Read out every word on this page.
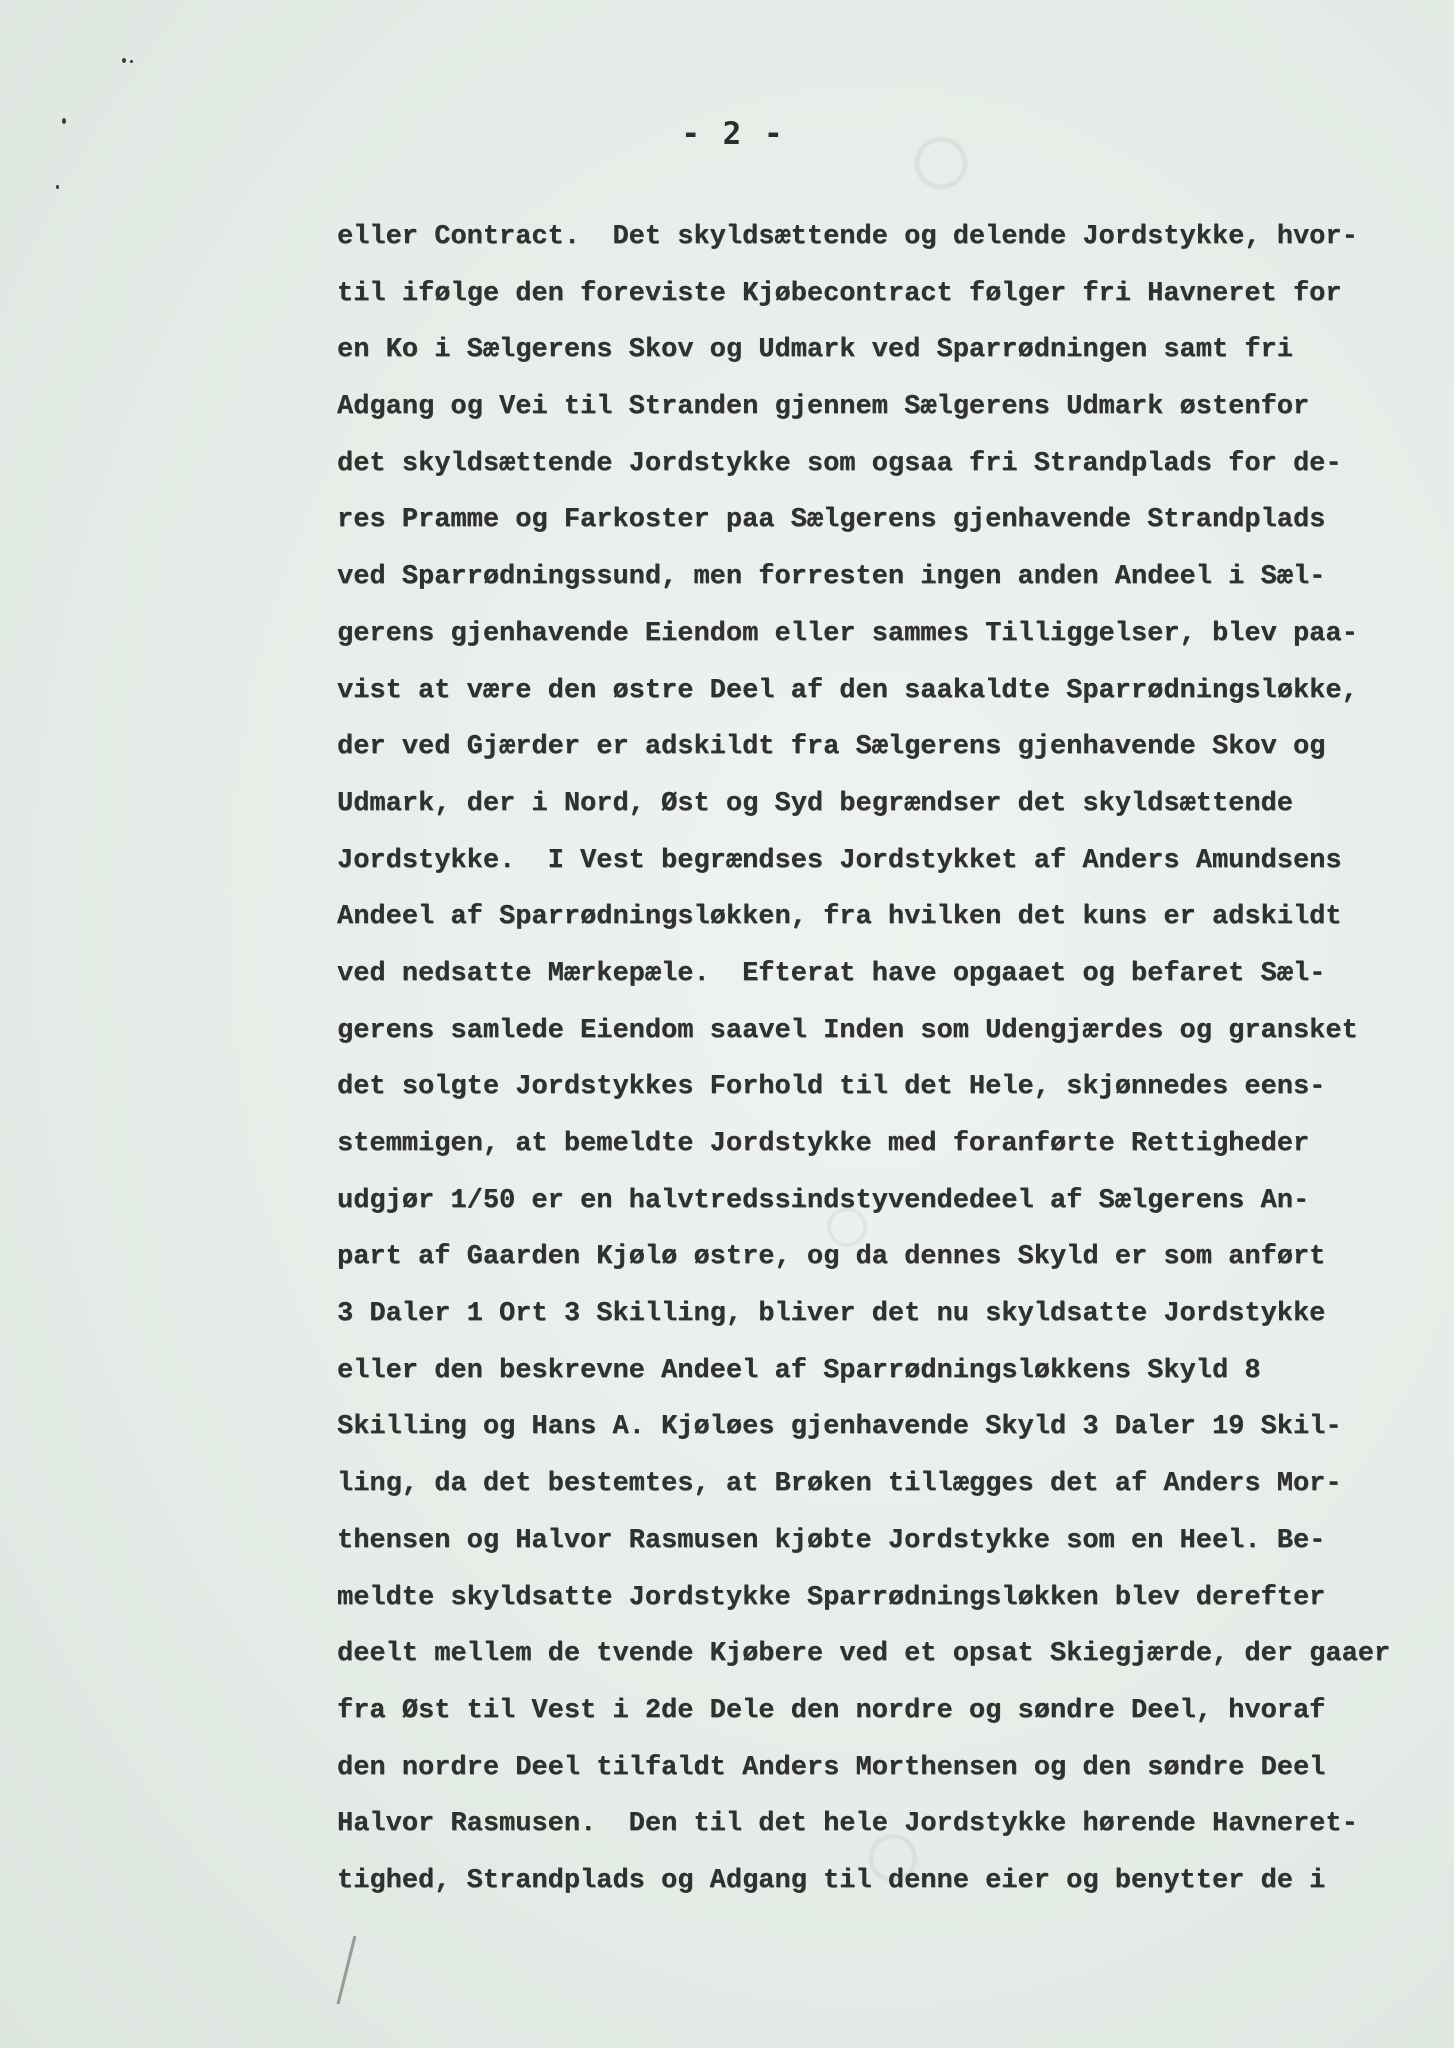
○
○
○
- 2 -
eller Contract.  Det skyldsættende og delende Jordstykke, hvor-
til ifølge den foreviste Kjøbecontract følger fri Havneret for
en Ko i Sælgerens Skov og Udmark ved Sparrødningen samt fri
Adgang og Vei til Stranden gjennem Sælgerens Udmark østenfor
det skyldsættende Jordstykke som ogsaa fri Strandplads for de-
res Pramme og Farkoster paa Sælgerens gjenhavende Strandplads
ved Sparrødningssund, men forresten ingen anden Andeel i Sæl-
gerens gjenhavende Eiendom eller sammes Tilliggelser, blev paa-
vist at være den østre Deel af den saakaldte Sparrødningsløkke,
der ved Gjærder er adskildt fra Sælgerens gjenhavende Skov og
Udmark, der i Nord, Øst og Syd begrændser det skyldsættende
Jordstykke.  I Vest begrændses Jordstykket af Anders Amundsens
Andeel af Sparrødningsløkken, fra hvilken det kuns er adskildt
ved nedsatte Mærkepæle.  Efterat have opgaaet og befaret Sæl-
gerens samlede Eiendom saavel Inden som Udengjærdes og gransket
det solgte Jordstykkes Forhold til det Hele, skjønnedes eens-
stemmigen, at bemeldte Jordstykke med foranførte Rettigheder
udgjør 1/50 er en halvtredssindstyvendedeel af Sælgerens An-
part af Gaarden Kjølø østre, og da dennes Skyld er som anført
3 Daler 1 Ort 3 Skilling, bliver det nu skyldsatte Jordstykke
eller den beskrevne Andeel af Sparrødningsløkkens Skyld 8
Skilling og Hans A. Kjøløes gjenhavende Skyld 3 Daler 19 Skil-
ling, da det bestemtes, at Brøken tillægges det af Anders Mor-
thensen og Halvor Rasmusen kjøbte Jordstykke som en Heel. Be-
meldte skyldsatte Jordstykke Sparrødningsløkken blev derefter
deelt mellem de tvende Kjøbere ved et opsat Skiegjærde, der gaaer
fra Øst til Vest i 2de Dele den nordre og søndre Deel, hvoraf
den nordre Deel tilfaldt Anders Morthensen og den søndre Deel
Halvor Rasmusen.  Den til det hele Jordstykke hørende Havneret-
tighed, Strandplads og Adgang til denne eier og benytter de i
